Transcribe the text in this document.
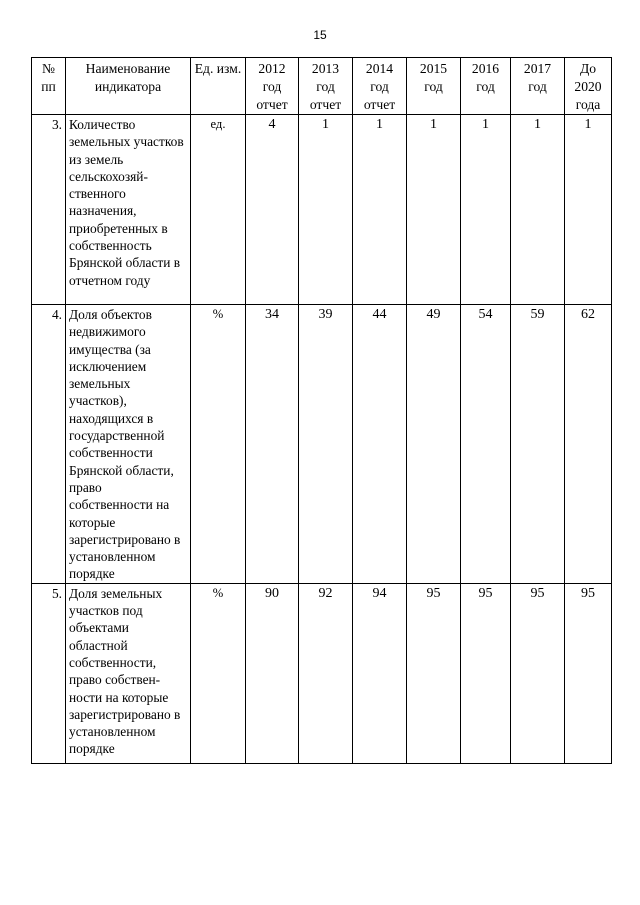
15
№ пп	Наименование индикатора	Ед. изм.	2012 год отчет	2013 год отчет	2014 год отчет	2015 год	2016 год	2017 год	До 2020 года
3.	Количество земельных участков из земель сельскохозяй-ственного назначения, приобретенных в собственность Брянской области в отчетном году	ед.	4	1	1	1	1	1	1
4.	Доля объектов недвижимого имущества (за исключением земельных участков), находящихся в государственной собственности Брянской области, право собственности на которые зарегистрировано в установленном порядке	%	34	39	44	49	54	59	62
5.	Доля земельных участков под объектами областной собственности, право собствен-ности на которые зарегистрировано в установленном порядке	%	90	92	94	95	95	95	95
